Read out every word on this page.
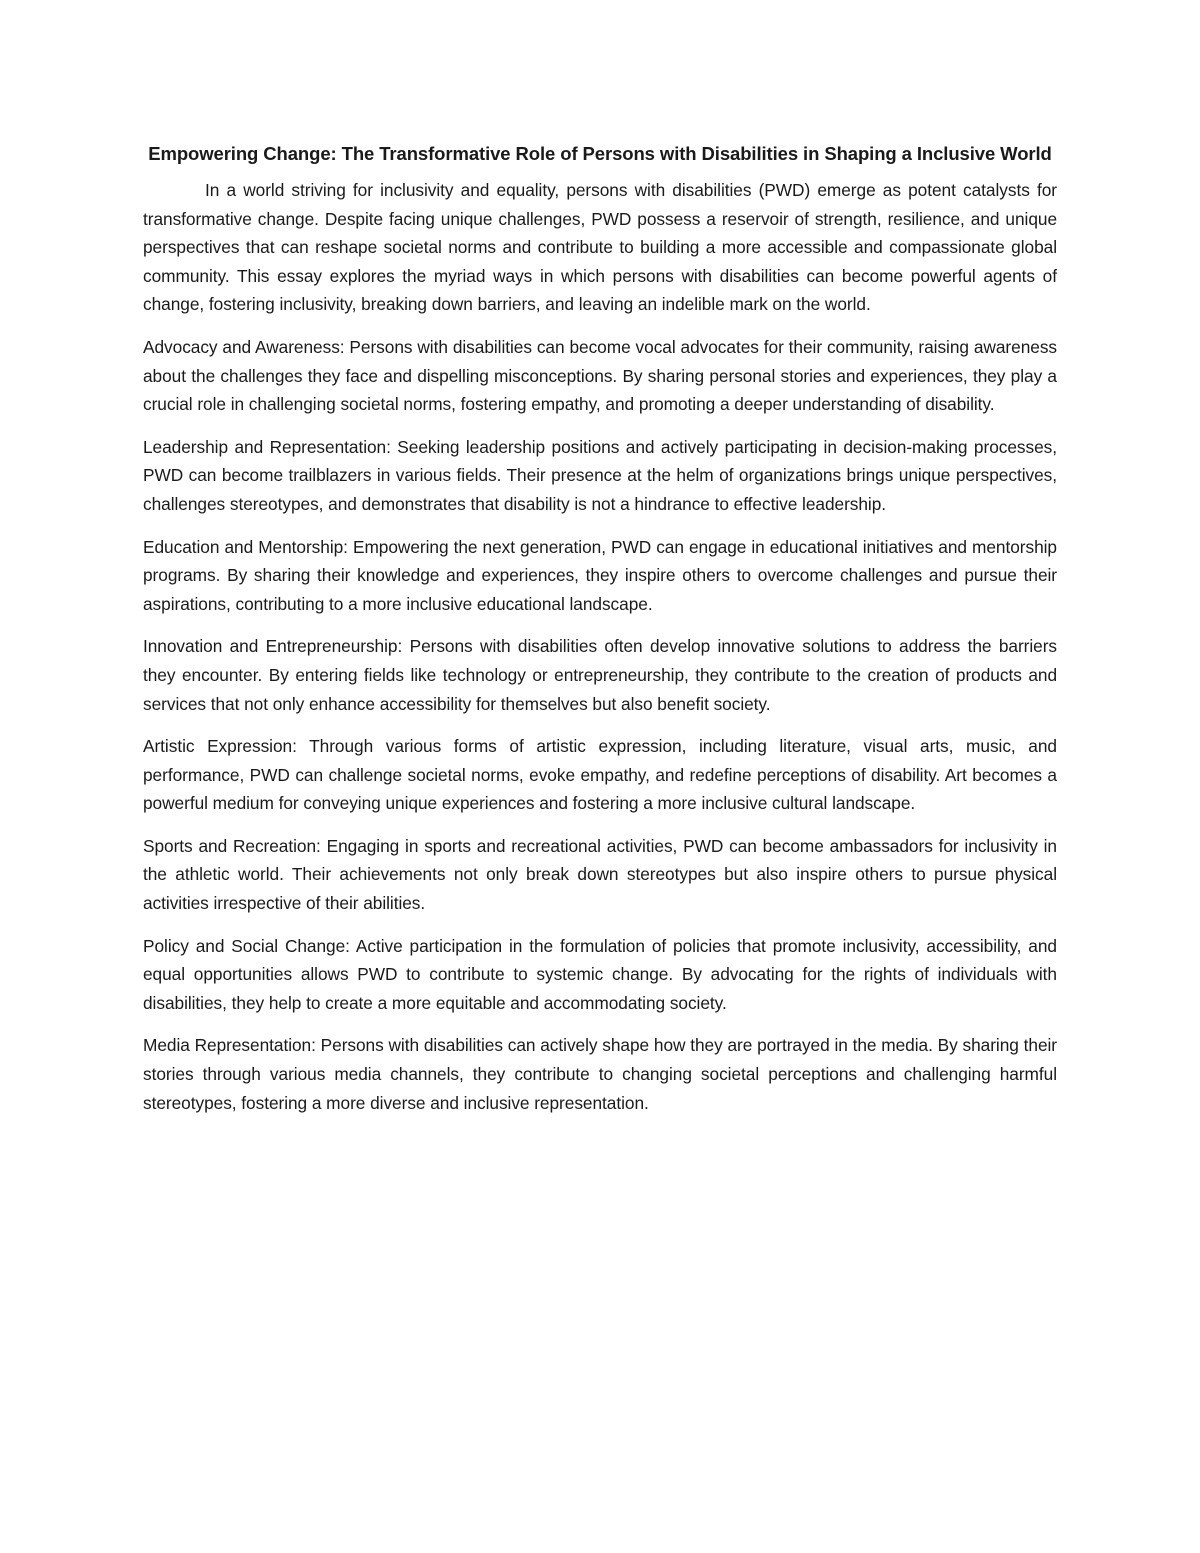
Empowering Change: The Transformative Role of Persons with Disabilities in Shaping a Inclusive World

In a world striving for inclusivity and equality, persons with disabilities (PWD) emerge as potent catalysts for transformative change. Despite facing unique challenges, PWD possess a reservoir of strength, resilience, and unique perspectives that can reshape societal norms and contribute to building a more accessible and compassionate global community. This essay explores the myriad ways in which persons with disabilities can become powerful agents of change, fostering inclusivity, breaking down barriers, and leaving an indelible mark on the world.

Advocacy and Awareness: Persons with disabilities can become vocal advocates for their community, raising awareness about the challenges they face and dispelling misconceptions. By sharing personal stories and experiences, they play a crucial role in challenging societal norms, fostering empathy, and promoting a deeper understanding of disability.

Leadership and Representation: Seeking leadership positions and actively participating in decision-making processes, PWD can become trailblazers in various fields. Their presence at the helm of organizations brings unique perspectives, challenges stereotypes, and demonstrates that disability is not a hindrance to effective leadership.

Education and Mentorship: Empowering the next generation, PWD can engage in educational initiatives and mentorship programs. By sharing their knowledge and experiences, they inspire others to overcome challenges and pursue their aspirations, contributing to a more inclusive educational landscape.

Innovation and Entrepreneurship: Persons with disabilities often develop innovative solutions to address the barriers they encounter. By entering fields like technology or entrepreneurship, they contribute to the creation of products and services that not only enhance accessibility for themselves but also benefit society.

Artistic Expression: Through various forms of artistic expression, including literature, visual arts, music, and performance, PWD can challenge societal norms, evoke empathy, and redefine perceptions of disability. Art becomes a powerful medium for conveying unique experiences and fostering a more inclusive cultural landscape.

Sports and Recreation: Engaging in sports and recreational activities, PWD can become ambassadors for inclusivity in the athletic world. Their achievements not only break down stereotypes but also inspire others to pursue physical activities irrespective of their abilities.

Policy and Social Change: Active participation in the formulation of policies that promote inclusivity, accessibility, and equal opportunities allows PWD to contribute to systemic change. By advocating for the rights of individuals with disabilities, they help to create a more equitable and accommodating society.

Media Representation: Persons with disabilities can actively shape how they are portrayed in the media. By sharing their stories through various media channels, they contribute to changing societal perceptions and challenging harmful stereotypes, fostering a more diverse and inclusive representation.
